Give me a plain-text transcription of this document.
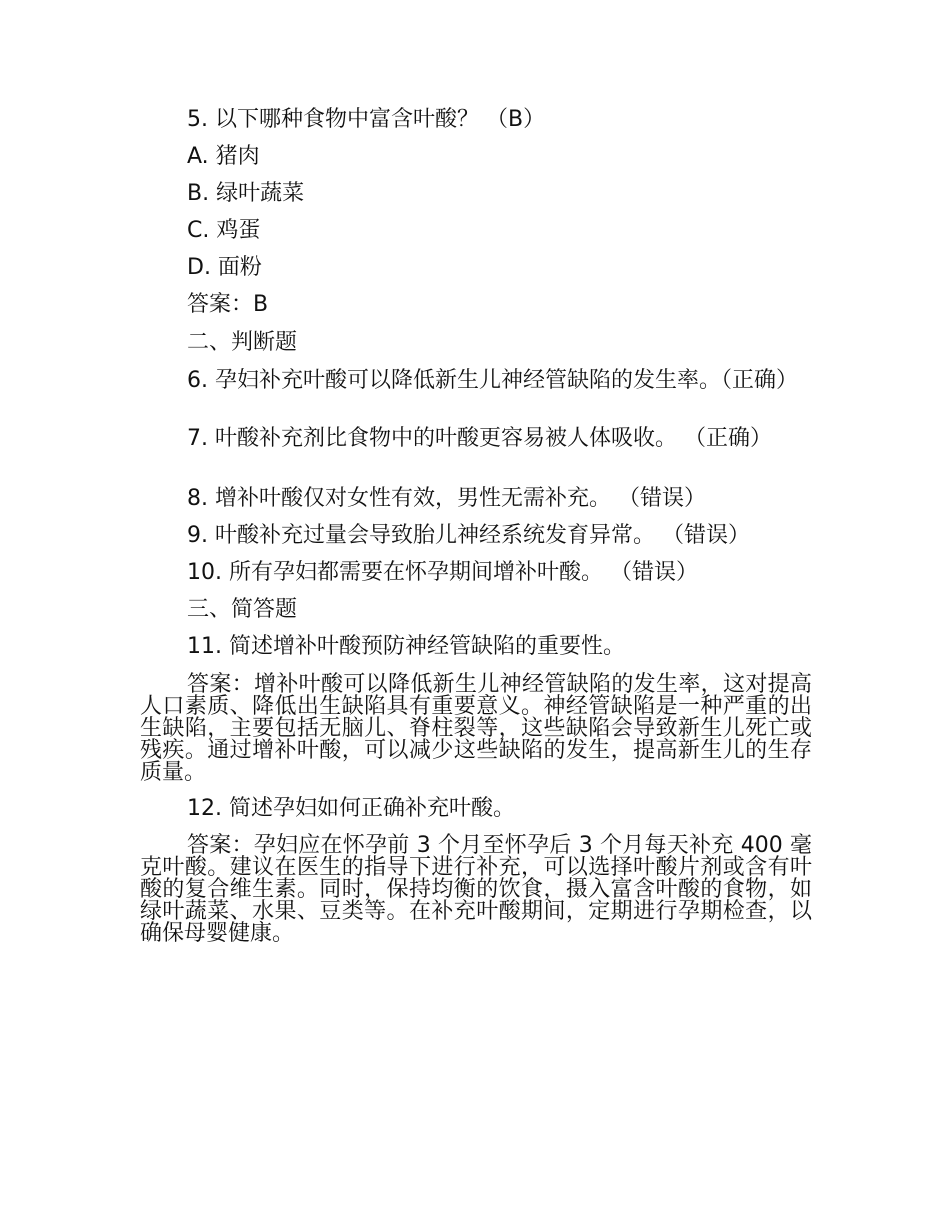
5. 以下哪种食物中富含叶酸？ （B）
A. 猪肉
B. 绿叶蔬菜
C. 鸡蛋
D. 面粉
答案：B
二、判断题
6. 孕妇补充叶酸可以降低新生儿神经管缺陷的发生率。（正确）
7. 叶酸补充剂比食物中的叶酸更容易被人体吸收。 （正确）
8. 增补叶酸仅对女性有效，男性无需补充。 （错误）
9. 叶酸补充过量会导致胎儿神经系统发育异常。 （错误）
10. 所有孕妇都需要在怀孕期间增补叶酸。 （错误）
三、简答题
11. 简述增补叶酸预防神经管缺陷的重要性。
答案：增补叶酸可以降低新生儿神经管缺陷的发生率，这对提高人口素质、降低出生缺陷具有重要意义。神经管缺陷是一种严重的出生缺陷，主要包括无脑儿、脊柱裂等，这些缺陷会导致新生儿死亡或残疾。通过增补叶酸，可以减少这些缺陷的发生，提高新生儿的生存质量。
12. 简述孕妇如何正确补充叶酸。
答案：孕妇应在怀孕前 3 个月至怀孕后 3 个月每天补充 400 毫克叶酸。建议在医生的指导下进行补充，可以选择叶酸片剂或含有叶酸的复合维生素。同时，保持均衡的饮食，摄入富含叶酸的食物，如绿叶蔬菜、水果、豆类等。在补充叶酸期间，定期进行孕期检查，以确保母婴健康。
